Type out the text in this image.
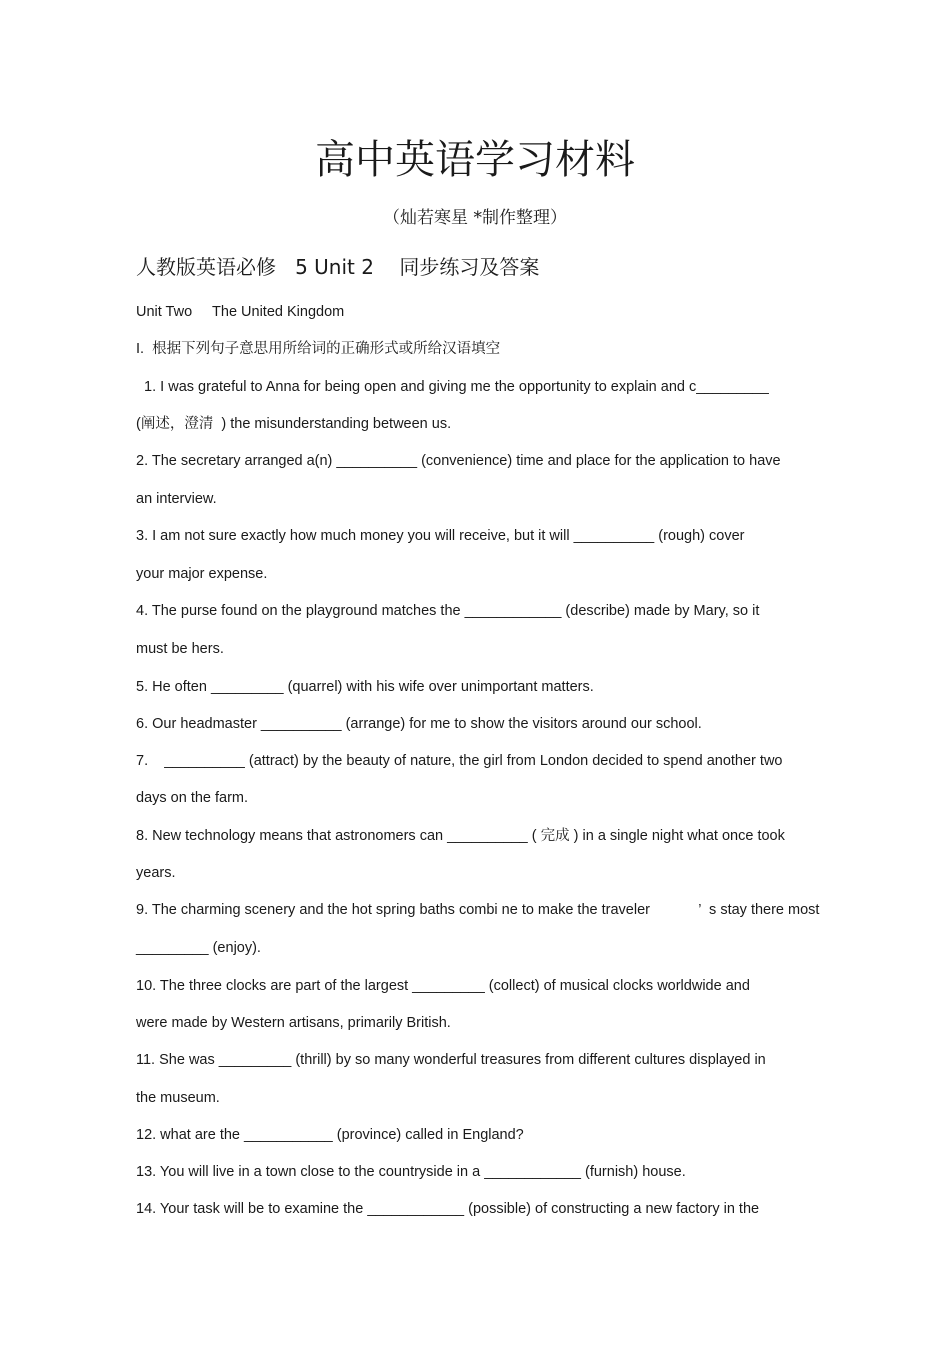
高中英语学习材料
（灿若寒星 *制作整理）
人教版英语必修   5 Unit 2    同步练习及答案
Unit Two     The United Kingdom
I.  根据下列句子意思用所给词的正确形式或所给汉语填空
1. I was grateful to Anna for being open and giving me the opportunity to explain and c_________
(阐述，澄清  ) the misunderstanding between us.
2. The secretary arranged a(n) __________ (convenience) time and place for the application to have
an interview.
3. I am not sure exactly how much money you will receive, but it will __________ (rough) cover
your major expense.
4. The purse found on the playground matches the ____________ (describe) made by Mary, so it
must be hers.
5. He often _________ (quarrel) with his wife over unimportant matters.
6. Our headmaster __________ (arrange) for me to show the visitors around our school.
7.    __________ (attract) by the beauty of nature, the girl from London decided to spend another two
days on the farm.
8. New technology means that astronomers can __________ ( 完成 ) in a single night what once took
years.
9. The charming scenery and the hot spring baths combi ne to make the traveler            ’  s stay there most
_________ (enjoy).
10. The three clocks are part of the largest _________ (collect) of musical clocks worldwide and
were made by Western artisans, primarily British.
11. She was _________ (thrill) by so many wonderful treasures from different cultures displayed in
the museum.
12. what are the ___________ (province) called in England?
13. You will live in a town close to the countryside in a ____________ (furnish) house.
14. Your task will be to examine the ____________ (possible) of constructing a new factory in the
